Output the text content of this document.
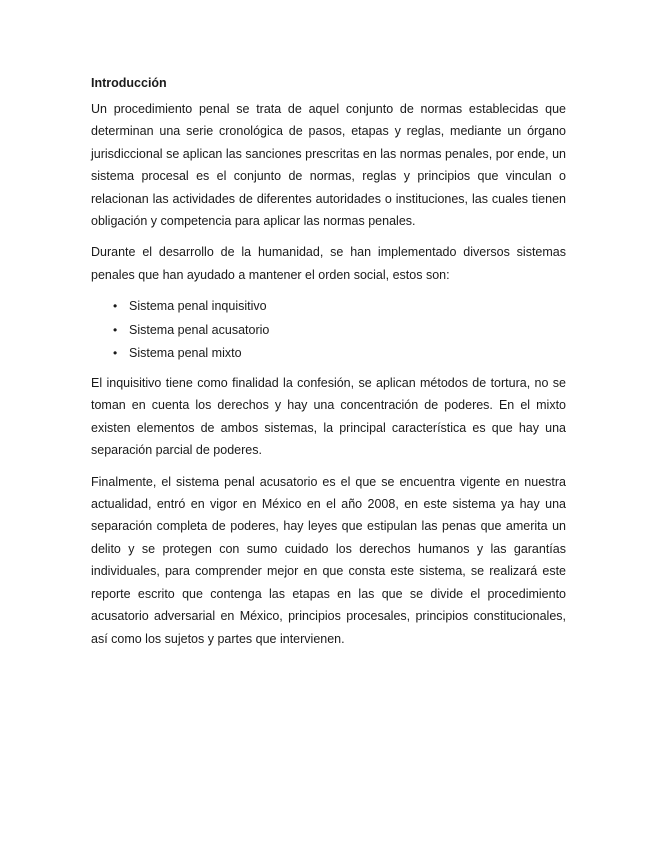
Introducción

Un procedimiento penal se trata de aquel conjunto de normas establecidas que determinan una serie cronológica de pasos, etapas y reglas, mediante un órgano jurisdiccional se aplican las sanciones prescritas en las normas penales, por ende, un sistema procesal es el conjunto de normas, reglas y principios que vinculan o relacionan las actividades de diferentes autoridades o instituciones, las cuales tienen obligación y competencia para aplicar las normas penales.

Durante el desarrollo de la humanidad, se han implementado diversos sistemas penales que han ayudado a mantener el orden social, estos son:

• Sistema penal inquisitivo
• Sistema penal acusatorio
• Sistema penal mixto

El inquisitivo tiene como finalidad la confesión, se aplican métodos de tortura, no se toman en cuenta los derechos y hay una concentración de poderes. En el mixto existen elementos de ambos sistemas, la principal característica es que hay una separación parcial de poderes.

Finalmente, el sistema penal acusatorio es el que se encuentra vigente en nuestra actualidad, entró en vigor en México en el año 2008, en este sistema ya hay una separación completa de poderes, hay leyes que estipulan las penas que amerita un delito y se protegen con sumo cuidado los derechos humanos y las garantías individuales, para comprender mejor en que consta este sistema, se realizará este reporte escrito que contenga las etapas en las que se divide el procedimiento acusatorio adversarial en México, principios procesales, principios constitucionales, así como los sujetos y partes que intervienen.
